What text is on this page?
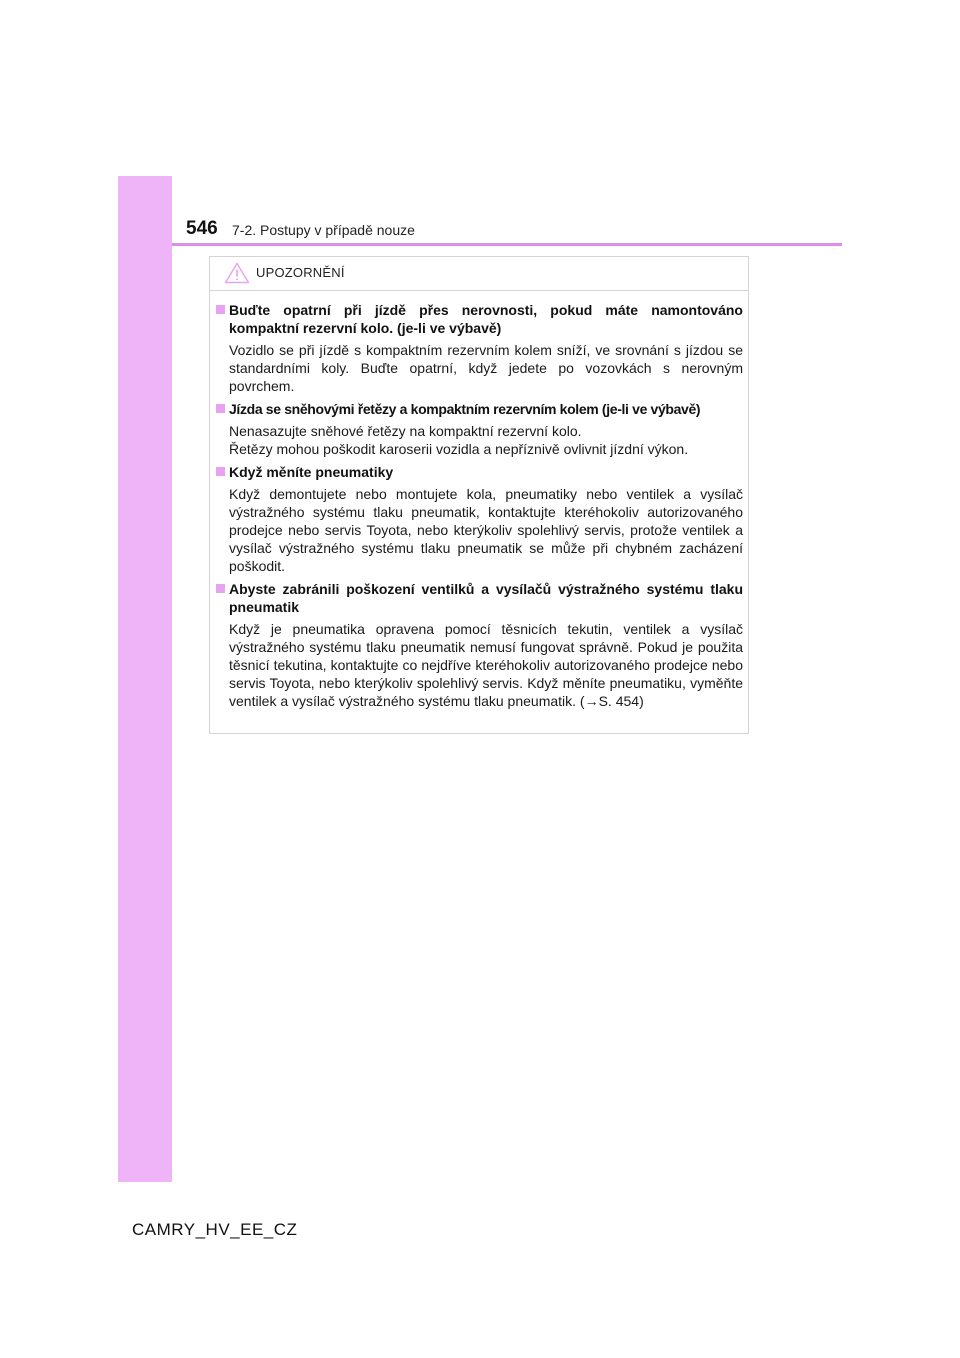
546 7-2. Postupy v případě nouze
UPOZORNĚNÍ
Buďte opatrní při jízdě přes nerovnosti, pokud máte namontováno kompaktní rezervní kolo. (je-li ve výbavě)
Vozidlo se při jízdě s kompaktním rezervním kolem sníží, ve srovnání s jízdou se standardními koly. Buďte opatrní, když jedete po vozovkách s nerovným povrchem.
Jízda se sněhovými řetězy a kompaktním rezervním kolem (je-li ve výbavě)
Nenasazujte sněhové řetězy na kompaktní rezervní kolo.
Řetězy mohou poškodit karoserii vozidla a nepříznivě ovlivnit jízdní výkon.
Když měníte pneumatiky
Když demontujete nebo montujete kola, pneumatiky nebo ventilek a vysílač výstražného systému tlaku pneumatik, kontaktujte kteréhokoliv autorizovaného prodejce nebo servis Toyota, nebo kterýkoliv spolehlivý servis, protože ventilek a vysílač výstražného systému tlaku pneumatik se může při chybném zacházení poškodit.
Abyste zabránili poškození ventilků a vysílačů výstražného systému tlaku pneumatik
Když je pneumatika opravena pomocí těsnicích tekutin, ventilek a vysílač výstražného systému tlaku pneumatik nemusí fungovat správně. Pokud je použita těsnicí tekutina, kontaktujte co nejdříve kteréhokoliv autorizovaného prodejce nebo servis Toyota, nebo kterýkoliv spolehlivý servis. Když měníte pneumatiku, vyměňte ventilek a vysílač výstražného systému tlaku pneumatik. (→S. 454)
CAMRY_HV_EE_CZ
